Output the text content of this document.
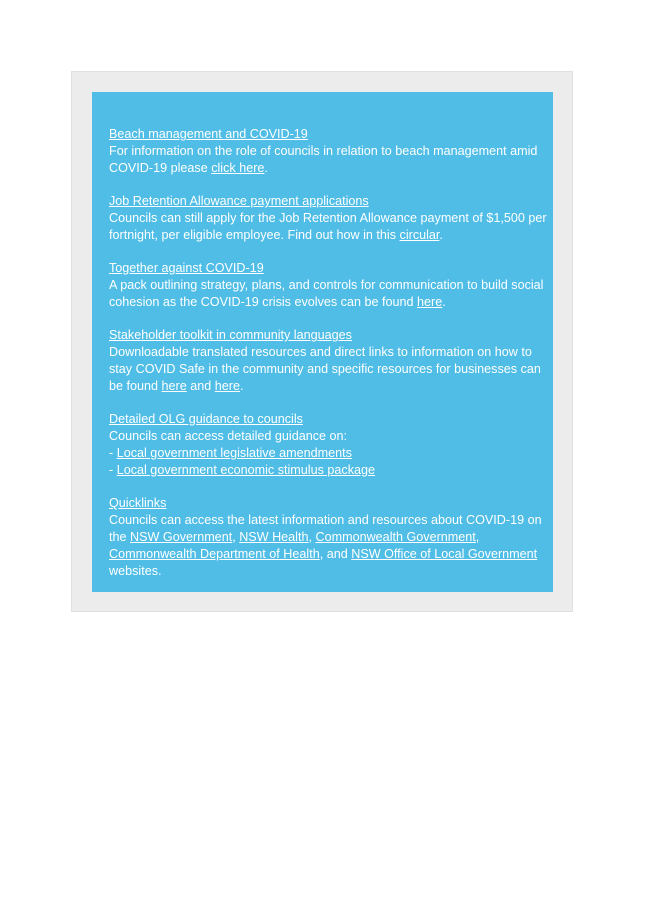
Beach management and COVID-19
For information on the role of councils in relation to beach management amid
COVID-19 please click here.
Job Retention Allowance payment applications
Councils can still apply for the Job Retention Allowance payment of $1,500 per
fortnight, per eligible employee. Find out how in this circular.
Together against COVID-19
A pack outlining strategy, plans, and controls for communication to build social
cohesion as the COVID-19 crisis evolves can be found here.
Stakeholder toolkit in community languages
Downloadable translated resources and direct links to information on how to
stay COVID Safe in the community and specific resources for businesses can
be found here and here.
Detailed OLG guidance to councils
Councils can access detailed guidance on:
- Local government legislative amendments
- Local government economic stimulus package
Quicklinks
Councils can access the latest information and resources about COVID-19 on
the NSW Government, NSW Health, Commonwealth Government,
Commonwealth Department of Health, and NSW Office of Local Government
websites.
